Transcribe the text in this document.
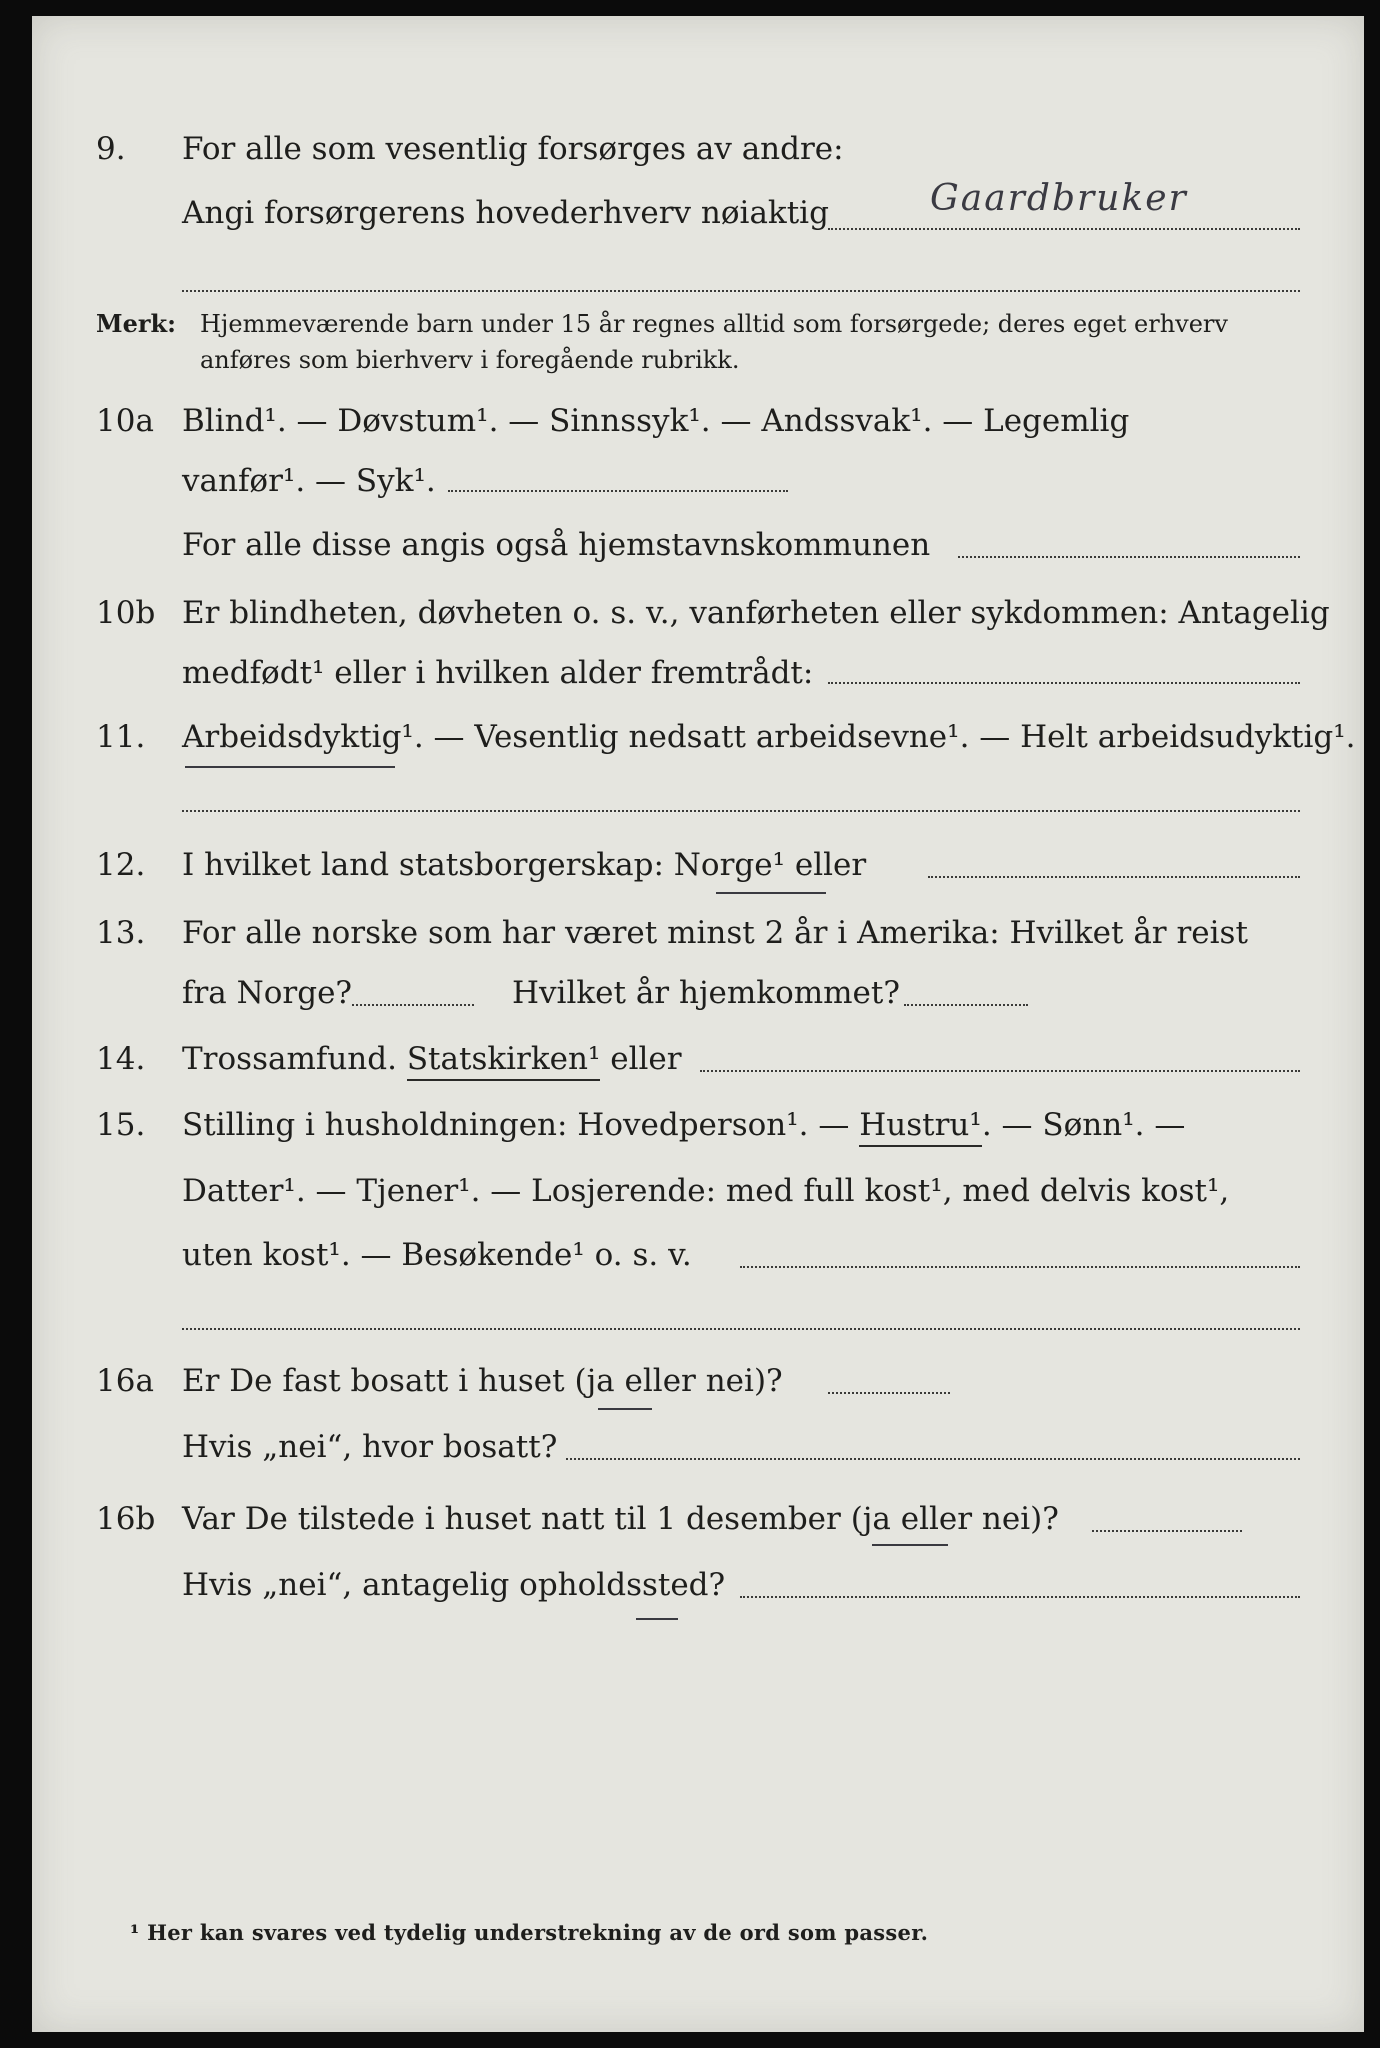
9. For alle som vesentlig forsørges av andre:
Angi forsørgerens hovederhverv nøiaktig	Gaardbruker
Merk: Hjemmeværende barn under 15 år regnes alltid som forsørgede; deres eget erhverv
anføres som bierhverv i foregående rubrikk.
10a Blind¹. — Døvstum¹. — Sinnssyk¹. — Andssvak¹. — Legemlig
vanfør¹. — Syk¹.
For alle disse angis også hjemstavnskommunen
10b Er blindheten, døvheten o. s. v., vanførheten eller sykdommen: Antagelig
medfødt¹ eller i hvilken alder fremtrådt:
11. Arbeidsdyktig¹. — Vesentlig nedsatt arbeidsevne¹. — Helt arbeidsudyktig¹.
12. I hvilket land statsborgerskap: Norge¹ eller
13. For alle norske som har været minst 2 år i Amerika: Hvilket år reist
fra Norge?	Hvilket år hjemkommet?
14. Trossamfund. Statskirken¹ eller
15. Stilling i husholdningen: Hovedperson¹. — Hustru¹. — Sønn¹. —
Datter¹. — Tjener¹. — Losjerende: med full kost¹, med delvis kost¹,
uten kost¹. — Besøkende¹ o. s. v.
16a Er De fast bosatt i huset (ja eller nei)?
Hvis „nei“, hvor bosatt?
16b Var De tilstede i huset natt til 1 desember (ja eller nei)?
Hvis „nei“, antagelig opholdssted?
¹ Her kan svares ved tydelig understrekning av de ord som passer.
